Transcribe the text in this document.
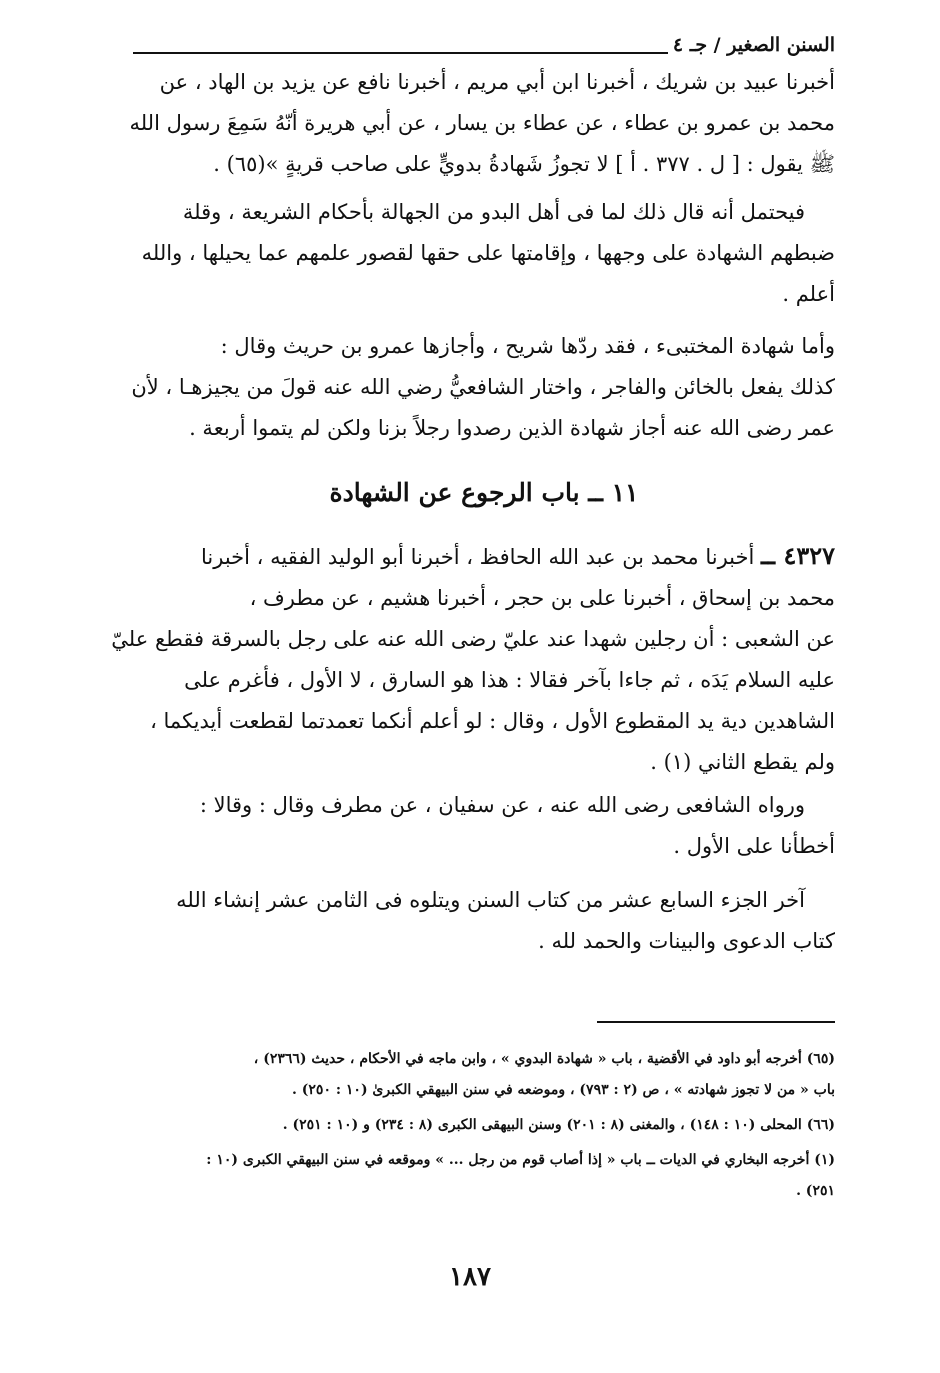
السنن الصغير / جـ ٤
أخبرنا عبيد بن شريك ، أخبرنا ابن أبي مريم ، أخبرنا نافع عن يزيد بن الهاد ، عن
محمد بن عمرو بن عطاء ، عن عطاء بن يسار ، عن أبي هريرة أنّهُ سَمِعَ رسول الله
ﷺ يقول : [ ل . ٣٧٧ . أ ] لا تجوزُ شَهادةُ بدويٍّ على صاحب قريةٍ »(٦٥) .
فيحتمل أنه قال ذلك لما فى أهل البدو من الجهالة بأحكام الشريعة ، وقلة
ضبطهم الشهادة على وجهها ، وإقامتها على حقها لقصور علمهم عما يحيلها ، والله
أعلم .
وأما شهادة المختبىء ، فقد ردّها شريح ، وأجازها عمرو بن حريث وقال :
كذلك يفعل بالخائن والفاجر ، واختار الشافعيُّ رضي الله عنه قولَ من يجيزهـا ، لأن
عمر رضى الله عنه أجاز شهادة الذين رصدوا رجلاً بزنا ولكن لم يتموا أربعة .
١١ ــ باب الرجوع عن الشهادة
٤٣٢٧ ــ أخبرنا محمد بن عبد الله الحافظ ، أخبرنا أبو الوليد الفقيه ، أخبرنا
محمد بن إسحاق ، أخبرنا على بن حجر ، أخبرنا هشيم ، عن مطرف ،
عن الشعبى : أن رجلين شهدا عند عليّ رضى الله عنه على رجل بالسرقة فقطع عليّ
عليه السلام يَدَه ، ثم جاءا بآخر فقالا : هذا هو السارق ، لا الأول ، فأغرم على
الشاهدين دية يد المقطوع الأول ، وقال : لو أعلم أنكما تعمدتما لقطعت أيديكما ،
ولم يقطع الثاني (١) .
ورواه الشافعى رضى الله عنه ، عن سفيان ، عن مطرف وقال : وقالا :
أخطأنا على الأول .
آخر الجزء السابع عشر من كتاب السنن ويتلوه فى الثامن عشر إنشاء الله
كتاب الدعوى والبينات والحمد لله .
(٦٥) أخرجه أبو داود في الأقضية ، باب « شهادة البدوي » ، وابن ماجه في الأحكام ، حديث (٢٣٦٦) ،
باب « من لا تجوز شهادته » ، ص (٢ : ٧٩٣) ، وموضعه في سنن البيهقي الكبرىٰ (١٠ : ٢٥٠) .
(٦٦) المحلى (١٠ : ١٤٨) ، والمغنى (٨ : ٢٠١) وسنن البيهقى الكبرى (٨ : ٢٣٤) و (١٠ : ٢٥١) .
(١) أخرجه البخاري في الديات ــ باب « إذا أصاب قوم من رجل ... » وموقعه في سنن البيهقي الكبرى (١٠ :
٢٥١) .
١٨٧
